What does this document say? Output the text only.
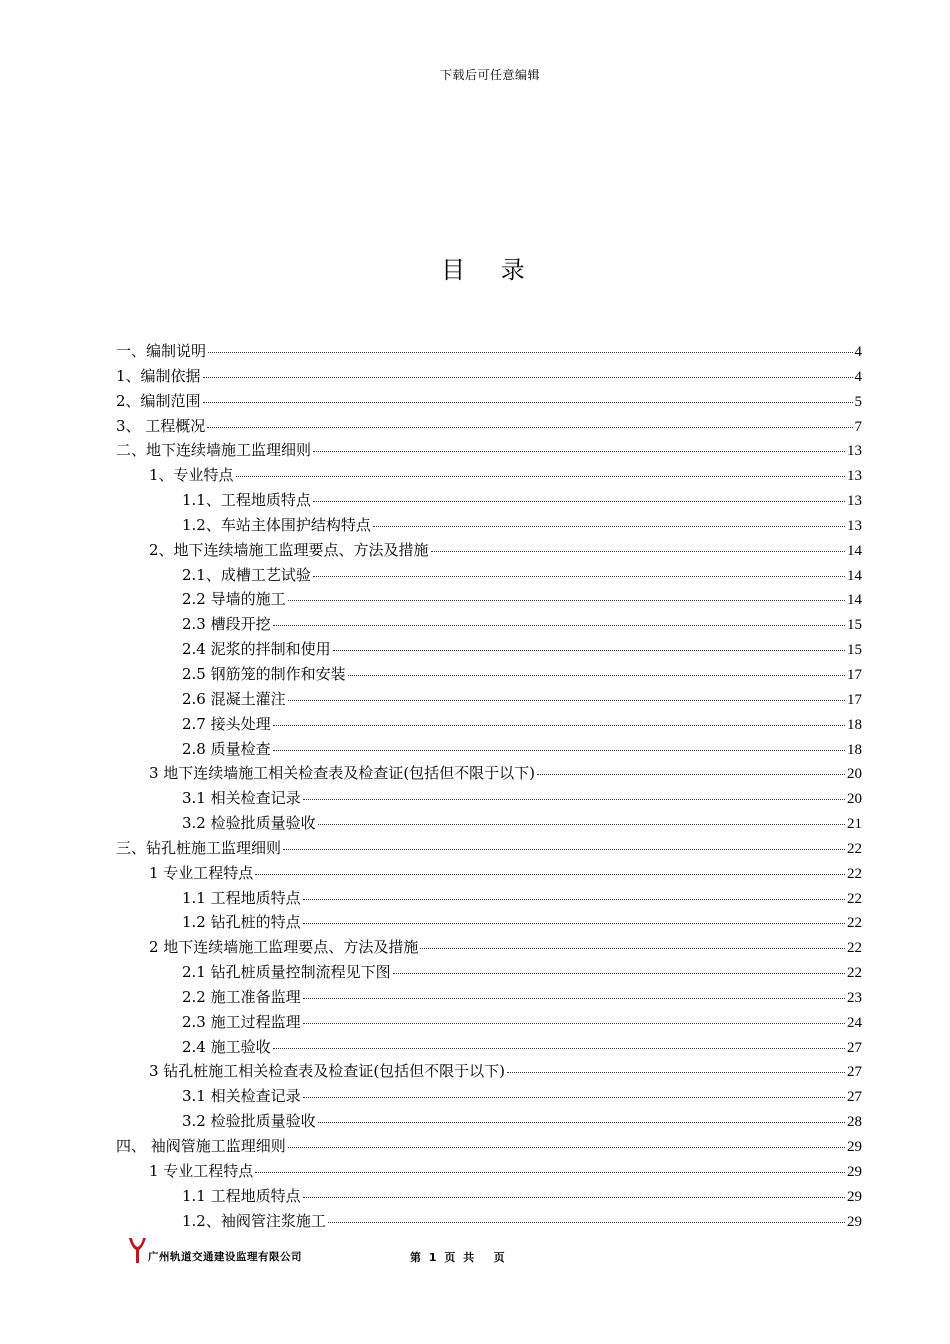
下载后可任意编辑
目 录
一、编制说明	4
1、编制依据	4
2、编制范围	5
3、 工程概况	7
二、地下连续墙施工监理细则	13
1、专业特点	13
1.1、工程地质特点	13
1.2、车站主体围护结构特点	13
2、地下连续墙施工监理要点、方法及措施	14
2.1、成槽工艺试验	14
2.2 导墙的施工	14
2.3 槽段开挖	15
2.4 泥浆的拌制和使用	15
2.5 钢筋笼的制作和安装	17
2.6 混凝土灌注	17
2.7 接头处理	18
2.8 质量检查	18
3 地下连续墙施工相关检查表及检查证(包括但不限于以下)	20
3.1 相关检查记录	20
3.2 检验批质量验收	21
三、钻孔桩施工监理细则	22
1 专业工程特点	22
1.1 工程地质特点	22
1.2 钻孔桩的特点	22
2 地下连续墙施工监理要点、方法及措施	22
2.1 钻孔桩质量控制流程见下图	22
2.2 施工准备监理	23
2.3 施工过程监理	24
2.4 施工验收	27
3 钻孔桩施工相关检查表及检查证(包括但不限于以下)	27
3.1 相关检查记录	27
3.2 检验批质量验收	28
四、 袖阀管施工监理细则	29
1 专业工程特点	29
1.1 工程地质特点	29
1.2、袖阀管注浆施工	29
广州轨道交通建设监理有限公司	第 1 页 共   页
